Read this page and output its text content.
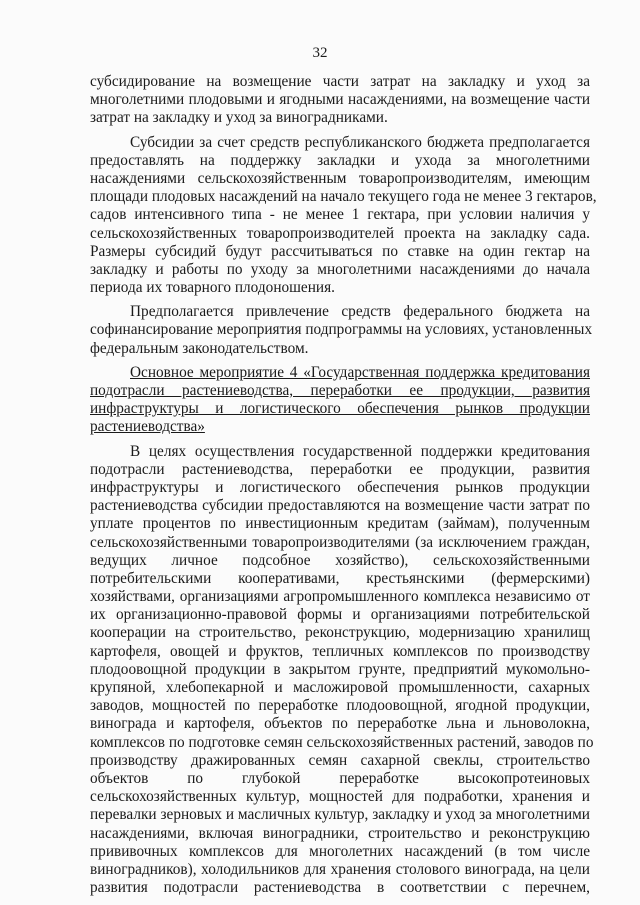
32
субсидирование на возмещение части затрат на закладку и уход за
многолетними плодовыми и ягодными насаждениями, на возмещение части
затрат на закладку и уход за виноградниками.
Субсидии за счет средств республиканского бюджета предполагается
предоставлять на поддержку закладки и ухода за многолетними
насаждениями сельскохозяйственным товаропроизводителям, имеющим
площади плодовых насаждений на начало текущего года не менее 3 гектаров,
садов интенсивного типа - не менее 1 гектара, при условии наличия у
сельскохозяйственных товаропроизводителей проекта на закладку сада.
Размеры субсидий будут рассчитываться по ставке на один гектар на
закладку и работы по уходу за многолетними насаждениями до начала
периода их товарного плодоношения.
Предполагается привлечение средств федерального бюджета на
софинансирование мероприятия подпрограммы на условиях, установленных
федеральным законодательством.
Основное мероприятие 4 «Государственная поддержка кредитования
подотрасли растениеводства, переработки ее продукции, развития
инфраструктуры и логистического обеспечения рынков продукции
растениеводства»
В целях осуществления государственной поддержки кредитования
подотрасли растениеводства, переработки ее продукции, развития
инфраструктуры и логистического обеспечения рынков продукции
растениеводства субсидии предоставляются на возмещение части затрат по
уплате процентов по инвестиционным кредитам (займам), полученным
сельскохозяйственными товаропроизводителями (за исключением граждан,
ведущих личное подсобное хозяйство), сельскохозяйственными
потребительскими кооперативами, крестьянскими (фермерскими)
хозяйствами, организациями агропромышленного комплекса независимо от
их организационно-правовой формы и организациями потребительской
кооперации на строительство, реконструкцию, модернизацию хранилищ
картофеля, овощей и фруктов, тепличных комплексов по производству
плодоовощной продукции в закрытом грунте, предприятий мукомольно-
крупяной, хлебопекарной и масложировой промышленности, сахарных
заводов, мощностей по переработке плодоовощной, ягодной продукции,
винограда и картофеля, объектов по переработке льна и льноволокна,
комплексов по подготовке семян сельскохозяйственных растений, заводов по
производству дражированных семян сахарной свеклы, строительство
объектов по глубокой переработке высокопротеиновых
сельскохозяйственных культур, мощностей для подработки, хранения и
перевалки зерновых и масличных культур, закладку и уход за многолетними
насаждениями, включая виноградники, строительство и реконструкцию
прививочных комплексов для многолетних насаждений (в том числе
виноградников), холодильников для хранения столового винограда, на цели
развития подотрасли растениеводства в соответствии с перечнем,
